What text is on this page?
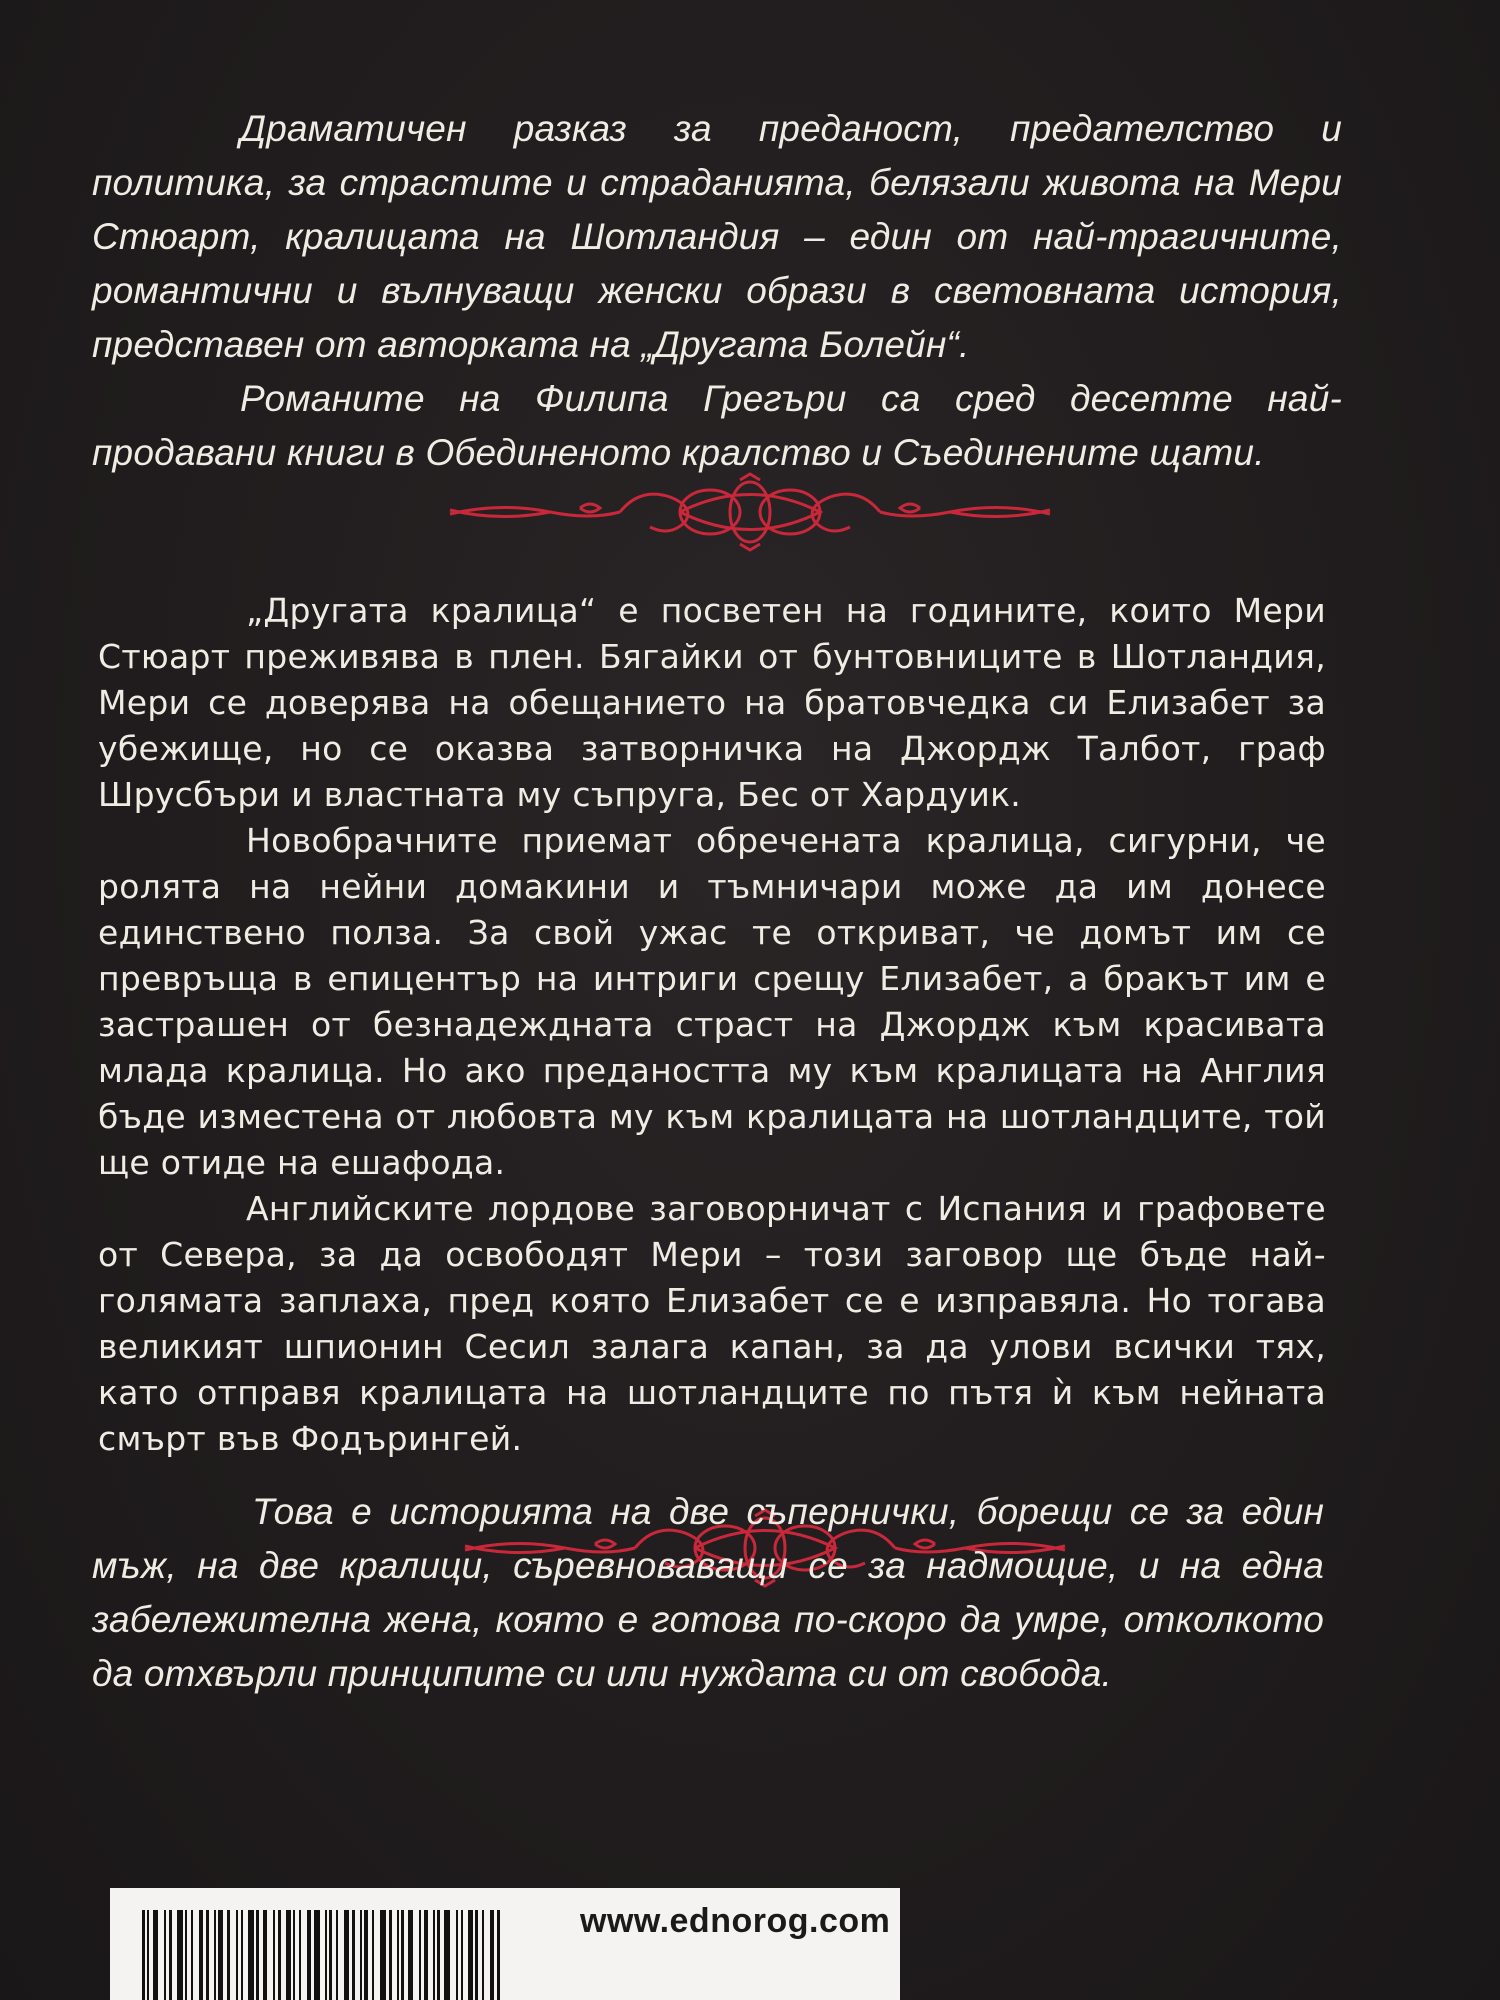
Драматичен разказ за преданост, предателство и политика, за страстите и страданията, белязали живота на Мери Стюарт, кралицата на Шотландия – един от най-трагичните, романтични и вълнуващи женски образи в световната история, представен от авторката на „Другата Болейн“.

Романите на Филипа Грегъри са сред десетте най-продавани книги в Обединеното кралство и Съединените щати.

„Другата кралица“ е посветен на годините, които Мери Стюарт преживява в плен. Бягайки от бунтовниците в Шотландия, Мери се доверява на обещанието на братовчедка си Елизабет за убежище, но се оказва затворничка на Джордж Талбот, граф Шрусбъри и властната му съпруга, Бес от Хардуик.

Новобрачните приемат обречената кралица, сигурни, че ролята на нейни домакини и тъмничари може да им донесе единствено полза. За свой ужас те откриват, че домът им се превръща в епицентър на интриги срещу Елизабет, а бракът им е застрашен от безнадеждната страст на Джордж към красивата млада кралица. Но ако предаността му към кралицата на Англия бъде изместена от любовта му към кралицата на шотландците, той ще отиде на ешафода.

Английските лордове заговорничат с Испания и графовете от Севера, за да освободят Мери – този заговор ще бъде най-голямата заплаха, пред която Елизабет се е изправяла. Но тогава великият шпионин Сесил залага капан, за да улови всички тях, като отправя кралицата на шотландците по пътя ѝ към нейната смърт във Фодърингей.

Това е историята на две съпернички, борещи се за един мъж, на две кралици, съревноваващи се за надмощие, и на една забележителна жена, която е готова по-скоро да умре, отколкото да отхвърли принципите си или нуждата си от свобода.

www.ednorog.com
